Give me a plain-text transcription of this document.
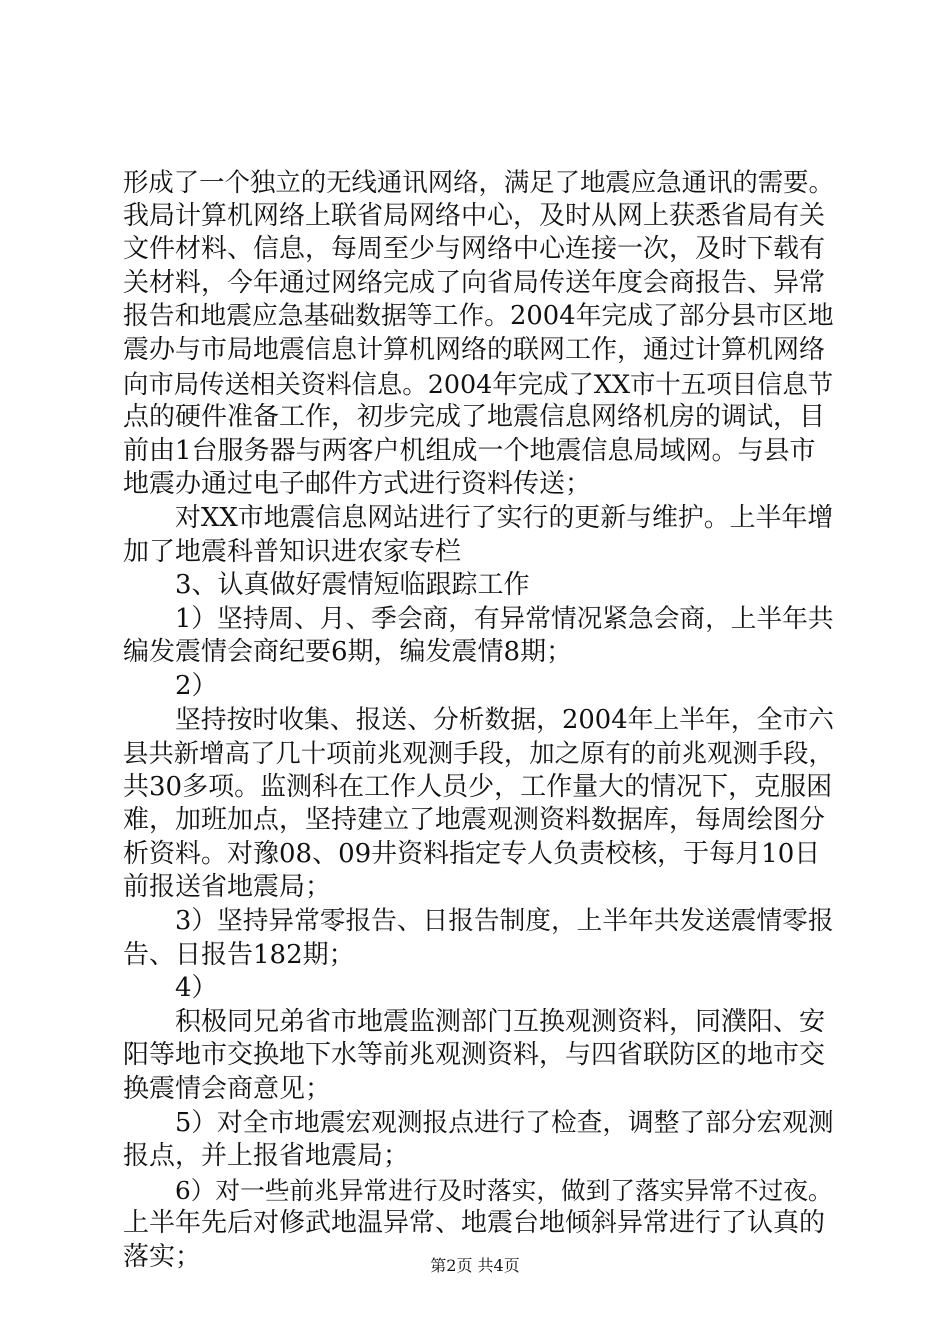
形成了一个独立的无线通讯网络，满足了地震应急通讯的需要。
我局计算机网络上联省局网络中心，及时从网上获悉省局有关
文件材料、信息，每周至少与网络中心连接一次，及时下载有
关材料，今年通过网络完成了向省局传送年度会商报告、异常
报告和地震应急基础数据等工作。2004年完成了部分县市区地
震办与市局地震信息计算机网络的联网工作，通过计算机网络
向市局传送相关资料信息。2004年完成了XX市十五项目信息节
点的硬件准备工作，初步完成了地震信息网络机房的调试，目
前由1台服务器与两客户机组成一个地震信息局域网。与县市
地震办通过电子邮件方式进行资料传送；
对XX市地震信息网站进行了实行的更新与维护。上半年增
加了地震科普知识进农家专栏
3、认真做好震情短临跟踪工作
1）坚持周、月、季会商，有异常情况紧急会商，上半年共
编发震情会商纪要6期，编发震情8期；
2）
坚持按时收集、报送、分析数据，2004年上半年，全市六
县共新增高了几十项前兆观测手段，加之原有的前兆观测手段，
共30多项。监测科在工作人员少，工作量大的情况下，克服困
难，加班加点，坚持建立了地震观测资料数据库，每周绘图分
析资料。对豫08、09井资料指定专人负责校核，于每月10日
前报送省地震局；
3）坚持异常零报告、日报告制度，上半年共发送震情零报
告、日报告182期；
4）
积极同兄弟省市地震监测部门互换观测资料，同濮阳、安
阳等地市交换地下水等前兆观测资料，与四省联防区的地市交
换震情会商意见；
5）对全市地震宏观测报点进行了检查，调整了部分宏观测
报点，并上报省地震局；
6）对一些前兆异常进行及时落实，做到了落实异常不过夜。
上半年先后对修武地温异常、地震台地倾斜异常进行了认真的
落实；	第2页 共4页
